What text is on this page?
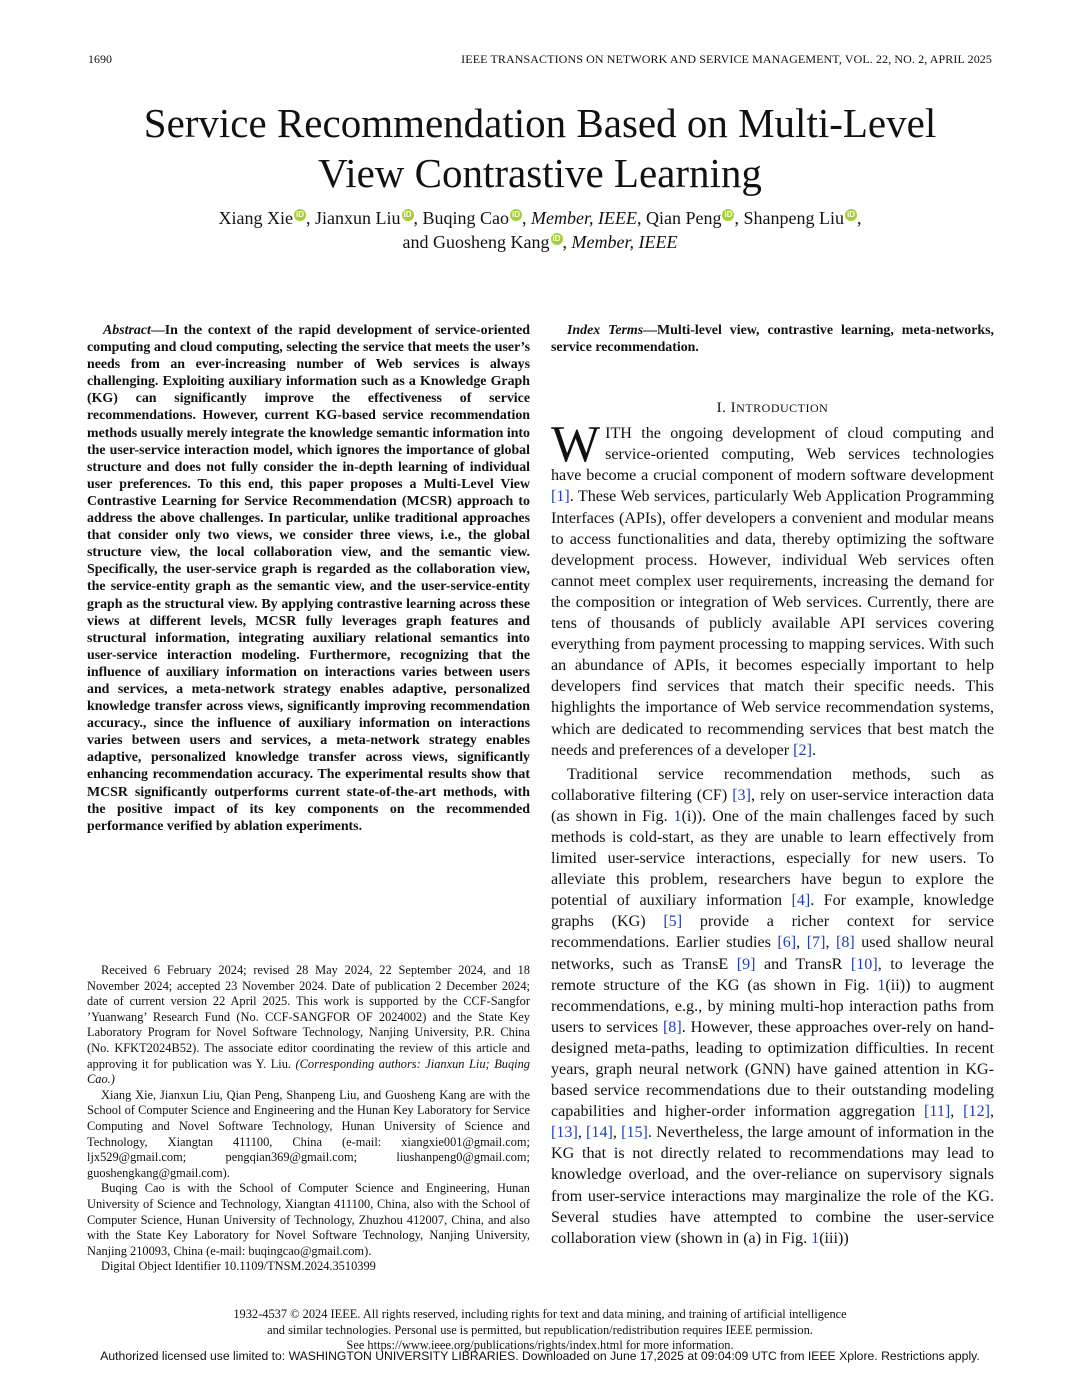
1690	IEEE TRANSACTIONS ON NETWORK AND SERVICE MANAGEMENT, VOL. 22, NO. 2, APRIL 2025
Service Recommendation Based on Multi-Level
View Contrastive Learning
Xiang Xie iD , Jianxun Liu iD , Buqing Cao iD , Member, IEEE, Qian Peng iD , Shanpeng Liu iD ,
and Guosheng Kang iD , Member, IEEE

Abstract—In the context of the rapid development of service-oriented computing and cloud computing, selecting the service that meets the user’s needs from an ever-increasing number of Web services is always challenging. Exploiting auxiliary information such as a Knowledge Graph (KG) can significantly improve the effectiveness of service recommendations. However, current KG-based service recommendation methods usually merely integrate the knowledge semantic information into the user-service interaction model, which ignores the importance of global structure and does not fully consider the in-depth learning of individual user preferences. To this end, this paper proposes a Multi-Level View Contrastive Learning for Service Recommendation (MCSR) approach to address the above challenges. In particular, unlike traditional approaches that consider only two views, we consider three views, i.e., the global structure view, the local collaboration view, and the semantic view. Specifically, the user-service graph is regarded as the collaboration view, the service-entity graph as the semantic view, and the user-service-entity graph as the structural view. By applying contrastive learning across these views at different levels, MCSR fully leverages graph features and structural information, integrating auxiliary relational semantics into user-service interaction modeling. Furthermore, recognizing that the influence of auxiliary information on interactions varies between users and services, a meta-network strategy enables adaptive, personalized knowledge transfer across views, significantly improving recommendation accuracy., since the influence of auxiliary information on interactions varies between users and services, a meta-network strategy enables adaptive, personalized knowledge transfer across views, significantly enhancing recommendation accuracy. The experimental results show that MCSR significantly outperforms current state-of-the-art methods, with the positive impact of its key components on the recommended performance verified by ablation experiments.

Received 6 February 2024; revised 28 May 2024, 22 September 2024, and 18 November 2024; accepted 23 November 2024. Date of publication 2 December 2024; date of current version 22 April 2025. This work is supported by the CCF-Sangfor ’Yuanwang’ Research Fund (No. CCF-SANGFOR OF 2024002) and the State Key Laboratory Program for Novel Software Technology, Nanjing University, P.R. China (No. KFKT2024B52). The associate editor coordinating the review of this article and approving it for publication was Y. Liu. (Corresponding authors: Jianxun Liu; Buqing Cao.)

Xiang Xie, Jianxun Liu, Qian Peng, Shanpeng Liu, and Guosheng Kang are with the School of Computer Science and Engineering and the Hunan Key Laboratory for Service Computing and Novel Software Technology, Hunan University of Science and Technology, Xiangtan 411100, China (e-mail: xiangxie001@gmail.com; ljx529@gmail.com; pengqian369@gmail.com; liushanpeng0@gmail.com; guoshengkang@gmail.com).

Buqing Cao is with the School of Computer Science and Engineering, Hunan University of Science and Technology, Xiangtan 411100, China, also with the School of Computer Science, Hunan University of Technology, Zhuzhou 412007, China, and also with the State Key Laboratory for Novel Software Technology, Nanjing University, Nanjing 210093, China (e-mail: buqingcao@gmail.com).

Digital Object Identifier 10.1109/TNSM.2024.3510399

Index Terms—Multi-level view, contrastive learning, meta-networks, service recommendation.

I. INTRODUCTION

WITH the ongoing development of cloud computing and service-oriented computing, Web services technologies have become a crucial component of modern software development [1]. These Web services, particularly Web Application Programming Interfaces (APIs), offer developers a convenient and modular means to access functionalities and data, thereby optimizing the software development process. However, individual Web services often cannot meet complex user requirements, increasing the demand for the composition or integration of Web services. Currently, there are tens of thousands of publicly available API services covering everything from payment processing to mapping services. With such an abundance of APIs, it becomes especially important to help developers find services that match their specific needs. This highlights the importance of Web service recommendation systems, which are dedicated to recommending services that best match the needs and preferences of a developer [2].

Traditional service recommendation methods, such as collaborative filtering (CF) [3], rely on user-service interaction data (as shown in Fig. 1(i)). One of the main challenges faced by such methods is cold-start, as they are unable to learn effectively from limited user-service interactions, especially for new users. To alleviate this problem, researchers have begun to explore the potential of auxiliary information [4]. For example, knowledge graphs (KG) [5] provide a richer context for service recommendations. Earlier studies [6], [7], [8] used shallow neural networks, such as TransE [9] and TransR [10], to leverage the remote structure of the KG (as shown in Fig. 1(ii)) to augment recommendations, e.g., by mining multi-hop interaction paths from users to services [8]. However, these approaches over-rely on hand-designed meta-paths, leading to optimization difficulties. In recent years, graph neural network (GNN) have gained attention in KG-based service recommendations due to their outstanding modeling capabilities and higher-order information aggregation [11], [12], [13], [14], [15]. Nevertheless, the large amount of information in the KG that is not directly related to recommendations may lead to knowledge overload, and the over-reliance on supervisory signals from user-service interactions may marginalize the role of the KG. Several studies have attempted to combine the user-service collaboration view (shown in (a) in Fig. 1(iii))

1932-4537 © 2024 IEEE. All rights reserved, including rights for text and data mining, and training of artificial intelligence
and similar technologies. Personal use is permitted, but republication/redistribution requires IEEE permission.
See https://www.ieee.org/publications/rights/index.html for more information.
Authorized licensed use limited to: WASHINGTON UNIVERSITY LIBRARIES. Downloaded on June 17,2025 at 09:04:09 UTC from IEEE Xplore. Restrictions apply.
